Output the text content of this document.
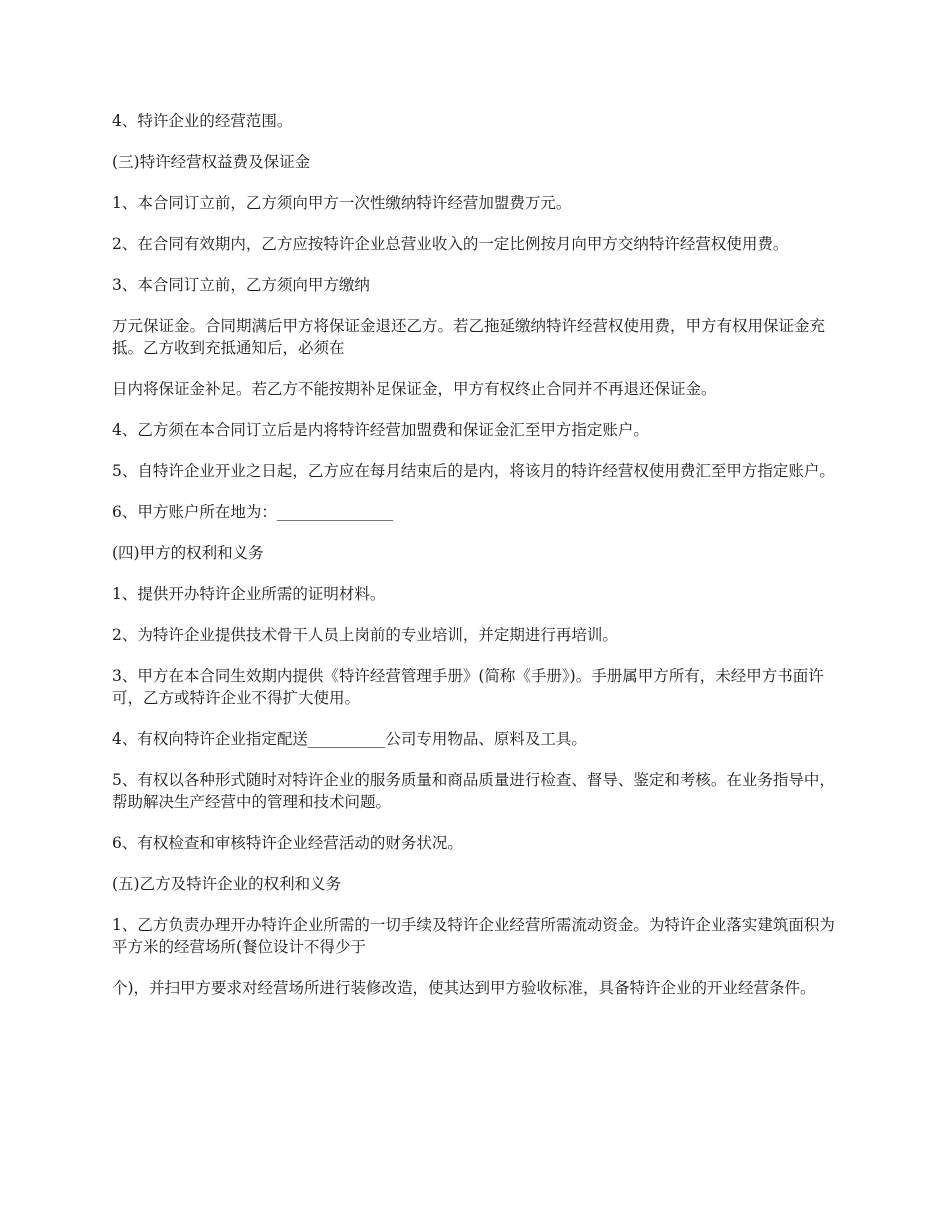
4、特许企业的经营范围。

(三)特许经营权益费及保证金

1、本合同订立前，乙方须向甲方一次性缴纳特许经营加盟费万元。

2、在合同有效期内，乙方应按特许企业总营业收入的一定比例按月向甲方交纳特许经营权使用费。

3、本合同订立前，乙方须向甲方缴纳

万元保证金。合同期满后甲方将保证金退还乙方。若乙拖延缴纳特许经营权使用费，甲方有权用保证金充抵。乙方收到充抵通知后，必须在

日内将保证金补足。若乙方不能按期补足保证金，甲方有权终止合同并不再退还保证金。

4、乙方须在本合同订立后是内将特许经营加盟费和保证金汇至甲方指定账户。

5、自特许企业开业之日起，乙方应在每月结束后的是内，将该月的特许经营权使用费汇至甲方指定账户。

6、甲方账户所在地为：_______________

(四)甲方的权利和义务

1、提供开办特许企业所需的证明材料。

2、为特许企业提供技术骨干人员上岗前的专业培训，并定期进行再培训。

3、甲方在本合同生效期内提供《特许经营管理手册》(简称《手册》)。手册属甲方所有，未经甲方书面许可，乙方或特许企业不得扩大使用。

4、有权向特许企业指定配送__________公司专用物品、原料及工具。

5、有权以各种形式随时对特许企业的服务质量和商品质量进行检查、督导、鉴定和考核。在业务指导中，帮助解决生产经营中的管理和技术问题。

6、有权检查和审核特许企业经营活动的财务状况。

(五)乙方及特许企业的权利和义务

1、乙方负责办理开办特许企业所需的一切手续及特许企业经营所需流动资金。为特许企业落实建筑面积为平方米的经营场所(餐位设计不得少于

个)，并扫甲方要求对经营场所进行装修改造，使其达到甲方验收标准，具备特许企业的开业经营条件。
